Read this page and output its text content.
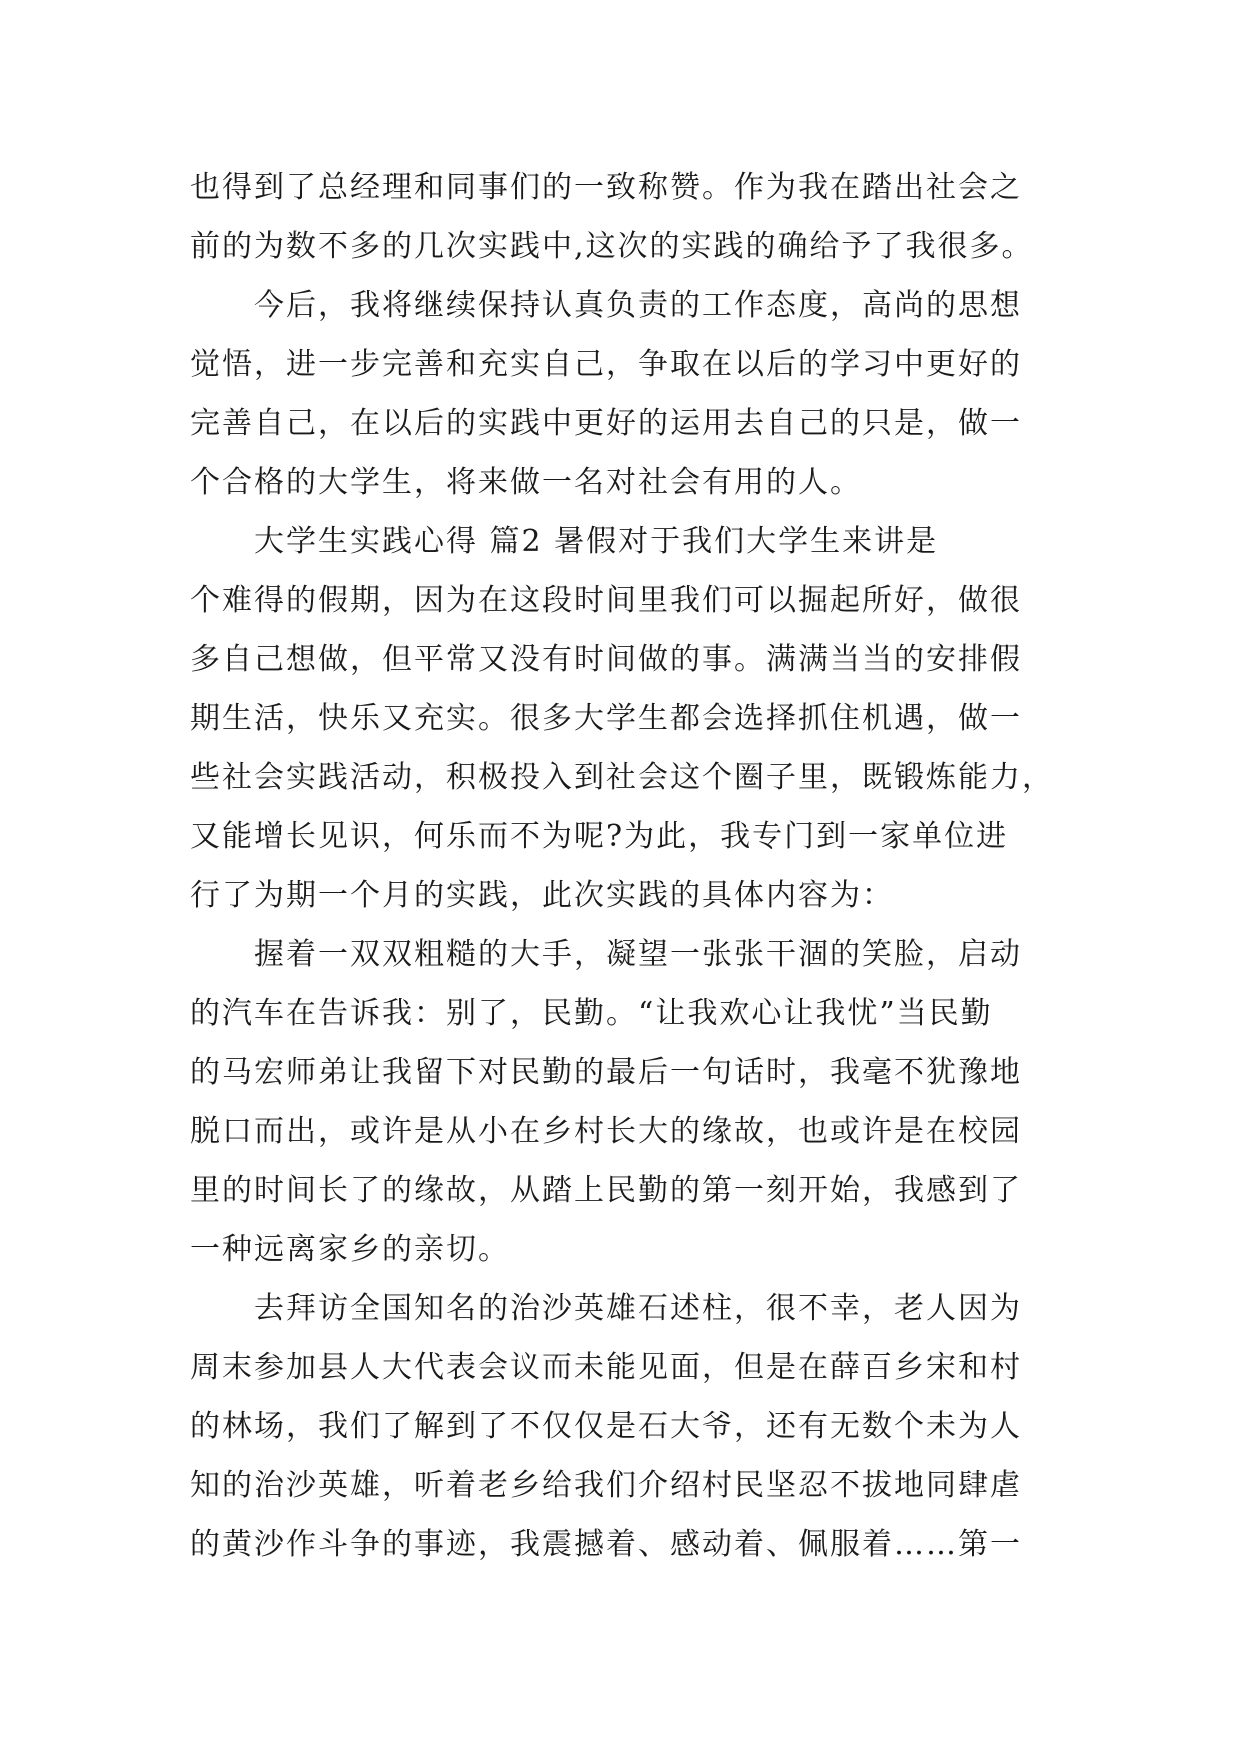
也得到了总经理和同事们的一致称赞。作为我在踏出社会之
前的为数不多的几次实践中,这次的实践的确给予了我很多。
今后，我将继续保持认真负责的工作态度，高尚的思想
觉悟，进一步完善和充实自己，争取在以后的学习中更好的
完善自己，在以后的实践中更好的运用去自己的只是，做一
个合格的大学生，将来做一名对社会有用的人。
大学生实践心得 篇2 暑假对于我们大学生来讲是
个难得的假期，因为在这段时间里我们可以掘起所好，做很
多自己想做，但平常又没有时间做的事。满满当当的安排假
期生活，快乐又充实。很多大学生都会选择抓住机遇，做一
些社会实践活动，积极投入到社会这个圈子里，既锻炼能力，
又能增长见识，何乐而不为呢?为此，我专门到一家单位进
行了为期一个月的实践，此次实践的具体内容为：
握着一双双粗糙的大手，凝望一张张干涸的笑脸，启动
的汽车在告诉我：别了，民勤。“让我欢心让我忧”当民勤
的马宏师弟让我留下对民勤的最后一句话时，我毫不犹豫地
脱口而出，或许是从小在乡村长大的缘故，也或许是在校园
里的时间长了的缘故，从踏上民勤的第一刻开始，我感到了
一种远离家乡的亲切。
去拜访全国知名的治沙英雄石述柱，很不幸，老人因为
周末参加县人大代表会议而未能见面，但是在薛百乡宋和村
的林场，我们了解到了不仅仅是石大爷，还有无数个未为人
知的治沙英雄，听着老乡给我们介绍村民坚忍不拔地同肆虐
的黄沙作斗争的事迹，我震撼着、感动着、佩服着……第一
